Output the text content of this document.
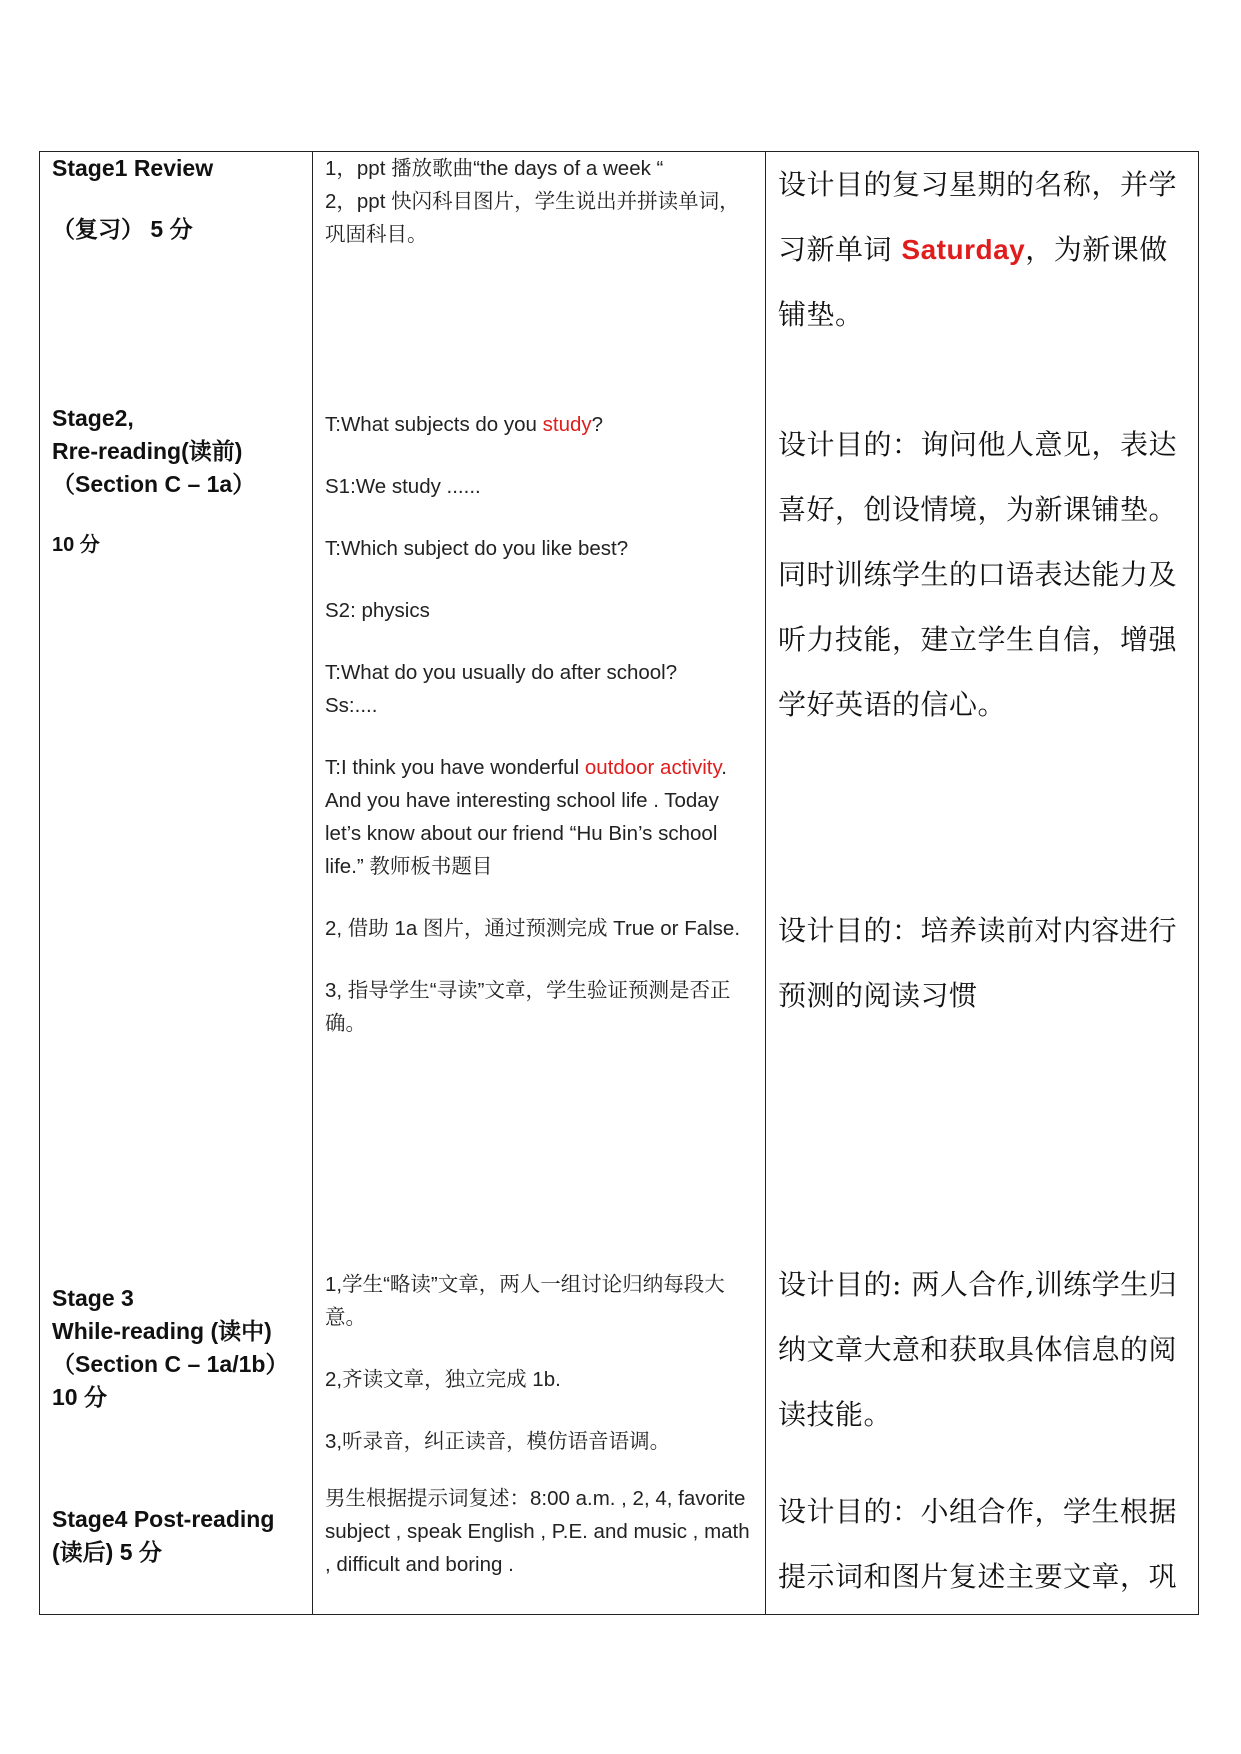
Stage1 Review
（复习） 5 分
Stage2,
Rre-reading(读前)
（Section C – 1a）
10 分
Stage 3
While-reading (读中)
（Section C – 1a/1b）
10 分
Stage4 Post-reading
(读后) 5 分

1，ppt 播放歌曲“the days of a week “

2，ppt 快闪科目图片，学生说出并拼读单词，巩固科目。

T:What subjects do you study?

S1:We study ......

T:Which subject do you like best?

S2: physics

T:What do you usually do after school?

Ss:....

T:I think you have wonderful outdoor activity. And you have interesting school life . Today let’s know about our friend “Hu Bin’s school life.” 教师板书题目

2, 借助 1a 图片，通过预测完成 True or False.

3, 指导学生“寻读”文章，学生验证预测是否正确。

1,学生“略读”文章，两人一组讨论归纳每段大意。

2,齐读文章，独立完成 1b.

3,听录音，纠正读音，模仿语音语调。

男生根据提示词复述：8:00 a.m. , 2, 4, favorite subject , speak English , P.E. and music , math , difficult and boring .

设计目的复习星期的名称，并学习新单词 Saturday，为新课做铺垫。
设计目的：询问他人意见，表达喜好，创设情境，为新课铺垫。同时训练学生的口语表达能力及听力技能，建立学生自信，增强学好英语的信心。
设计目的：培养读前对内容进行预测的阅读习惯
设计目的: 两人合作,训练学生归纳文章大意和获取具体信息的阅读技能。
设计目的：小组合作，学生根据提示词和图片复述主要文章，巩
